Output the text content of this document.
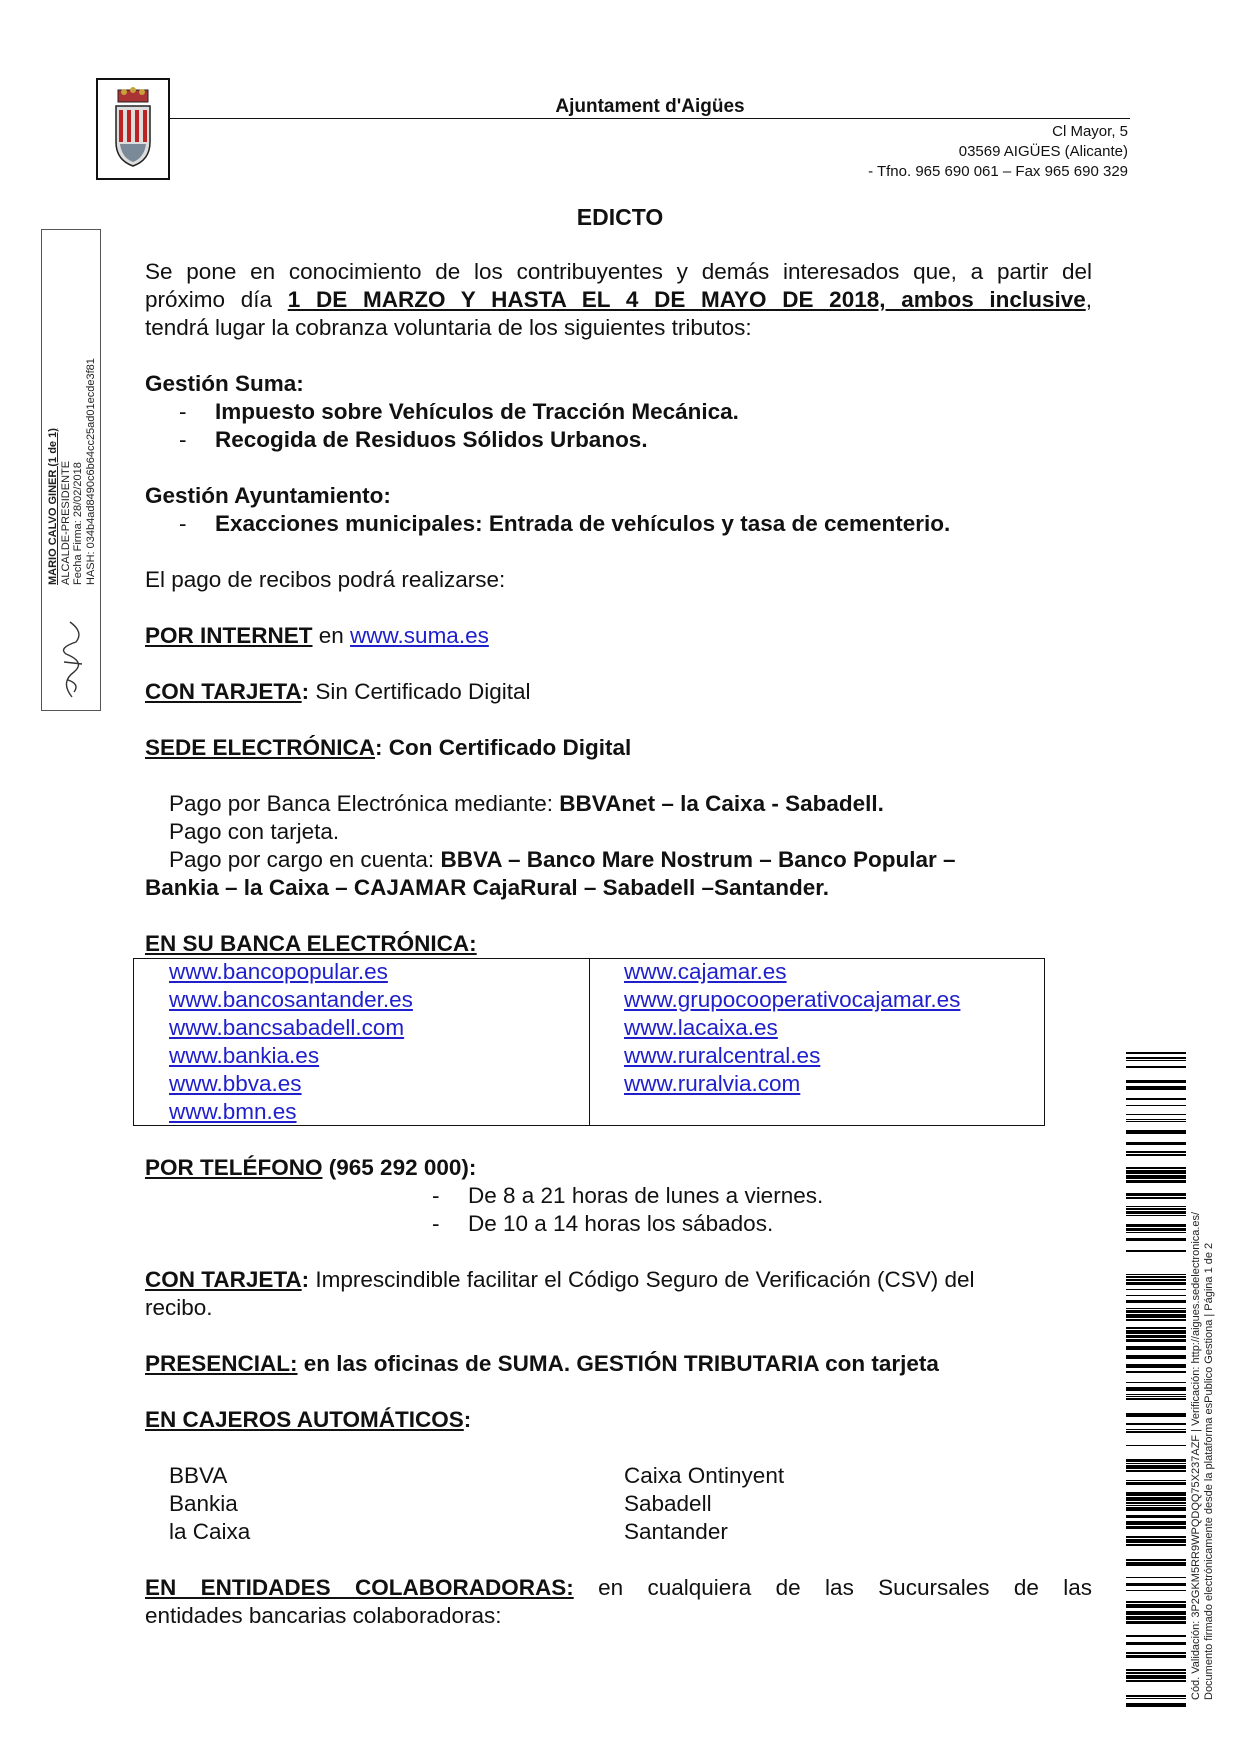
Ajuntament d'Aigües
Cl Mayor, 5
03569 AIGÜES (Alicante)
- Tfno. 965 690 061 – Fax 965 690 329
MARIO CALVO GINER (1 de 1) ALCALDE-PRESIDENTE Fecha Firma: 28/02/2018 HASH: 034b4ad8490c6b64cc25ad01ecde3f81
EDICTO
Se pone en conocimiento de los contribuyentes y demás interesados que, a partir del
próximo día 1 DE MARZO Y HASTA EL 4 DE MAYO DE 2018, ambos inclusive,
tendrá lugar la cobranza voluntaria de los siguientes tributos:
Gestión Suma:
- Impuesto sobre Vehículos de Tracción Mecánica.
- Recogida de Residuos Sólidos Urbanos.
Gestión Ayuntamiento:
- Exacciones municipales: Entrada de vehículos y tasa de cementerio.
El pago de recibos podrá realizarse:
POR INTERNET en www.suma.es
CON TARJETA: Sin Certificado Digital
SEDE ELECTRÓNICA: Con Certificado Digital
Pago por Banca Electrónica mediante: BBVAnet – la Caixa - Sabadell.
Pago con tarjeta.
Pago por cargo en cuenta: BBVA – Banco Mare Nostrum – Banco Popular –
Bankia – la Caixa – CAJAMAR CajaRural – Sabadell –Santander.
EN SU BANCA ELECTRÓNICA:
www.bancopopular.es
www.bancosantander.es
www.bancsabadell.com
www.bankia.es
www.bbva.es
www.bmn.es
www.cajamar.es
www.grupocooperativocajamar.es
www.lacaixa.es
www.ruralcentral.es
www.ruralvia.com
POR TELÉFONO (965 292 000):
- De 8 a 21 horas de lunes a viernes.
- De 10 a 14 horas los sábados.
CON TARJETA: Imprescindible facilitar el Código Seguro de Verificación (CSV) del
recibo.
PRESENCIAL: en las oficinas de SUMA. GESTIÓN TRIBUTARIA con tarjeta
EN CAJEROS AUTOMÁTICOS:
BBVA
Bankia
la Caixa
Caixa Ontinyent
Sabadell
Santander
EN ENTIDADES COLABORADORAS: en cualquiera de las Sucursales de las
entidades bancarias colaboradoras:	Cód. Validación: 3P2GKM5RR9WPQDQQ75X237AZF | Verificación: http://aigues.sedelectronica.es/ Documento firmado electrónicamente desde la plataforma esPublico Gestiona | Página 1 de 2
